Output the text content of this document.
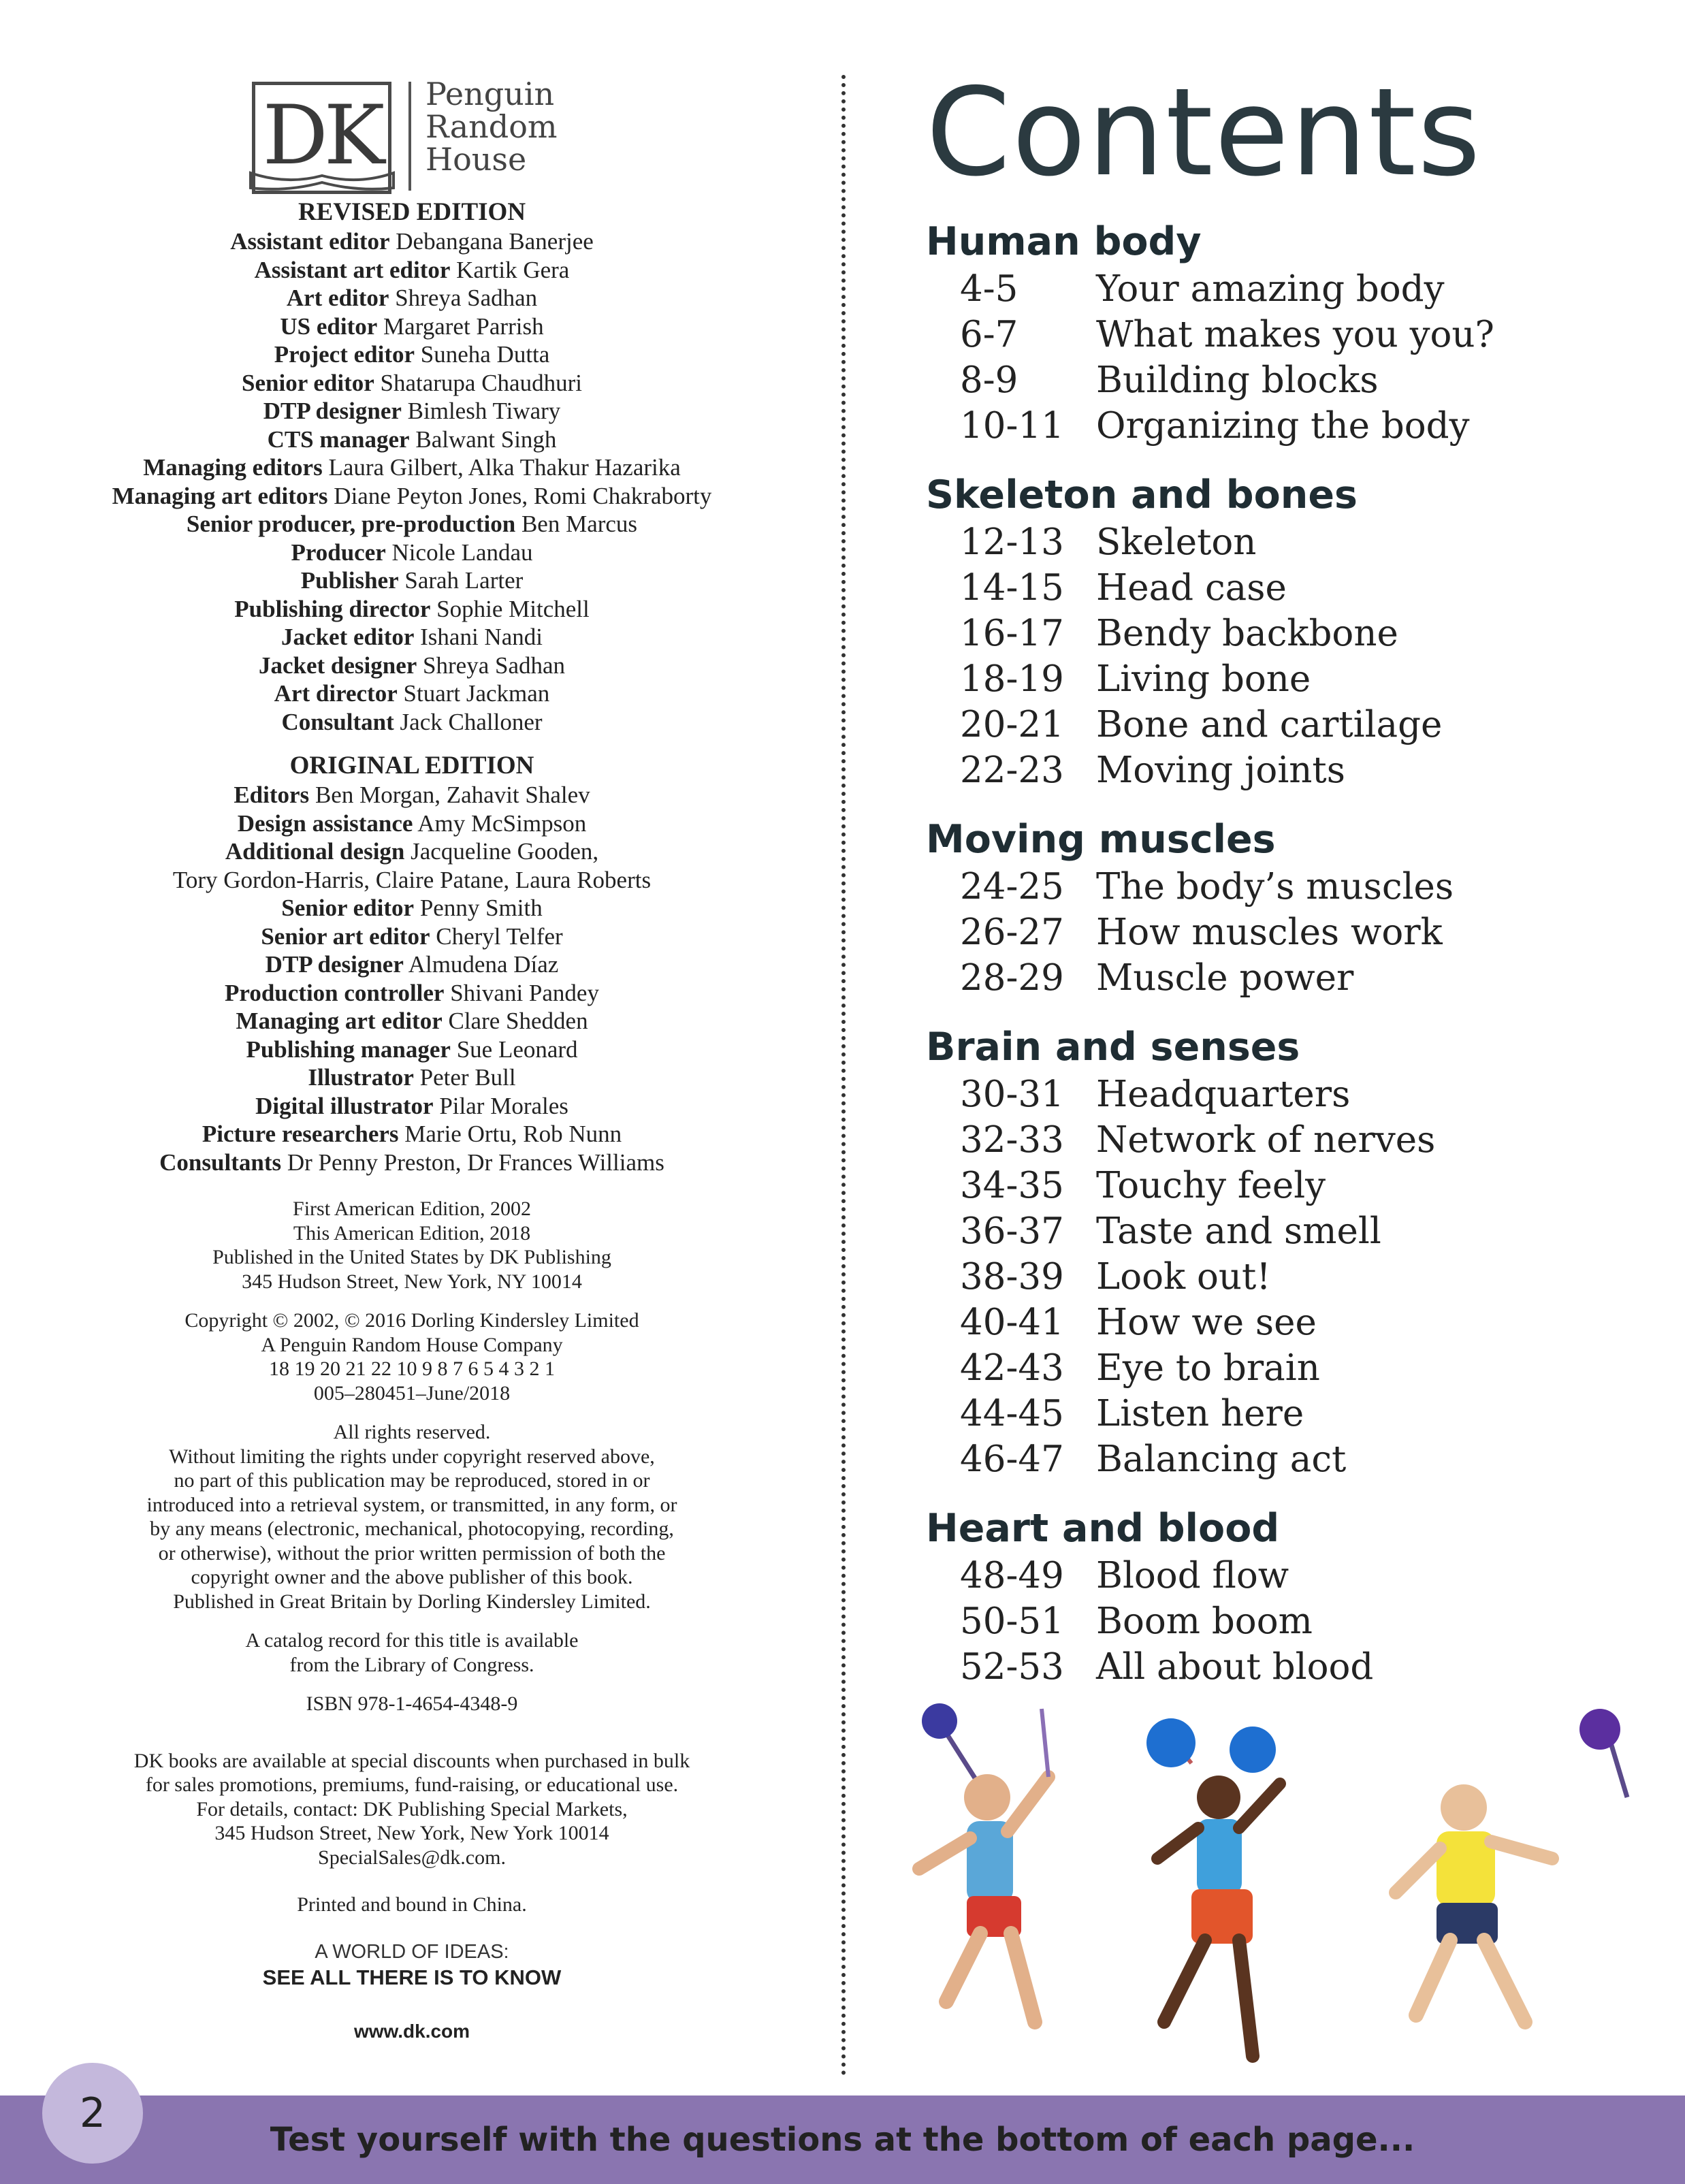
DK	Penguin
Random
House
REVISED EDITION
Assistant editor Debangana Banerjee
Assistant art editor Kartik Gera
Art editor Shreya Sadhan
US editor Margaret Parrish
Project editor Suneha Dutta
Senior editor Shatarupa Chaudhuri
DTP designer Bimlesh Tiwary
CTS manager Balwant Singh
Managing editors Laura Gilbert, Alka Thakur Hazarika
Managing art editors Diane Peyton Jones, Romi Chakraborty
Senior producer, pre-production Ben Marcus
Producer Nicole Landau
Publisher Sarah Larter
Publishing director Sophie Mitchell
Jacket editor Ishani Nandi
Jacket designer Shreya Sadhan
Art director Stuart Jackman
Consultant Jack Challoner
ORIGINAL EDITION
Editors Ben Morgan, Zahavit Shalev
Design assistance Amy McSimpson
Additional design Jacqueline Gooden,
Tory Gordon-Harris, Claire Patane, Laura Roberts
Senior editor Penny Smith
Senior art editor Cheryl Telfer
DTP designer Almudena Díaz
Production controller Shivani Pandey
Managing art editor Clare Shedden
Publishing manager Sue Leonard
Illustrator Peter Bull
Digital illustrator Pilar Morales
Picture researchers Marie Ortu, Rob Nunn
Consultants Dr Penny Preston, Dr Frances Williams
First American Edition, 2002
This American Edition, 2018
Published in the United States by DK Publishing
345 Hudson Street, New York, NY 10014
Copyright © 2002, © 2016 Dorling Kindersley Limited
A Penguin Random House Company
18 19 20 21 22 10 9 8 7 6 5 4 3 2 1
005–280451–June/2018
All rights reserved.
Without limiting the rights under copyright reserved above,
no part of this publication may be reproduced, stored in or
introduced into a retrieval system, or transmitted, in any form, or
by any means (electronic, mechanical, photocopying, recording,
or otherwise), without the prior written permission of both the
copyright owner and the above publisher of this book.
Published in Great Britain by Dorling Kindersley Limited.
A catalog record for this title is available
from the Library of Congress.
ISBN 978-1-4654-4348-9
DK books are available at special discounts when purchased in bulk
for sales promotions, premiums, fund-raising, or educational use.
For details, contact: DK Publishing Special Markets,
345 Hudson Street, New York, New York 10014
SpecialSales@dk.com.
Printed and bound in China.
A WORLD OF IDEAS:
SEE ALL THERE IS TO KNOW
www.dk.com
Contents
Human body
4-5	Your amazing body
6-7	What makes you you?
8-9	Building blocks
10-11 Organizing the body
Skeleton and bones
12-13 Skeleton
14-15 Head case
16-17 Bendy backbone
18-19 Living bone
20-21 Bone and cartilage
22-23 Moving joints
Moving muscles
24-25 The body’s muscles
26-27 How muscles work
28-29 Muscle power
Brain and senses
30-31 Headquarters
32-33 Network of nerves
34-35 Touchy feely
36-37 Taste and smell
38-39 Look out!
40-41 How we see
42-43 Eye to brain
44-45 Listen here
46-47 Balancing act
Heart and blood
48-49 Blood flow
50-51 Boom boom
52-53 All about blood
Test yourself with the questions at the bottom of each page...
2
